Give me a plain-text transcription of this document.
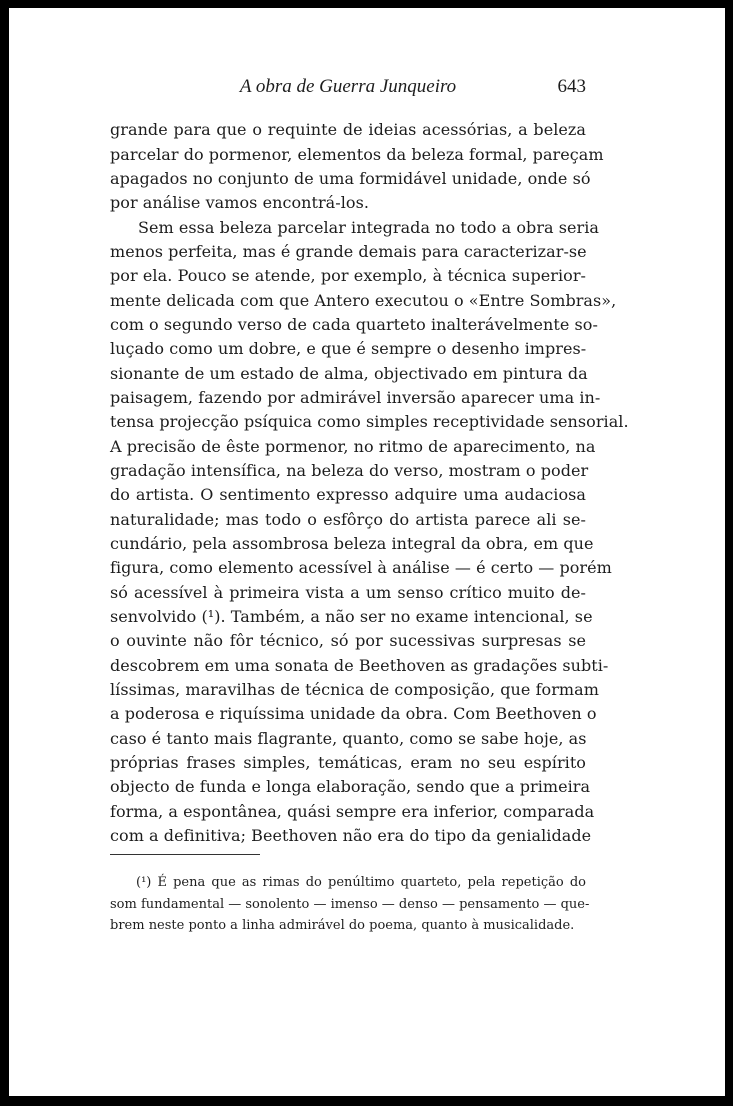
A obra de Guerra Junqueiro	643
grande para que o requinte de ideias acessórias, a beleza
parcelar do pormenor, elementos da beleza formal, pareçam
apagados no conjunto de uma formidável unidade, onde só
por análise vamos encontrá-los.
Sem essa beleza parcelar integrada no todo a obra seria
menos perfeita, mas é grande demais para caracterizar-se
por ela. Pouco se atende, por exemplo, à técnica superior-
mente delicada com que Antero executou o «Entre Sombras»,
com o segundo verso de cada quarteto inalterávelmente so-
luçado como um dobre, e que é sempre o desenho impres-
sionante de um estado de alma, objectivado em pintura da
paisagem, fazendo por admirável inversão aparecer uma in-
tensa projecção psíquica como simples receptividade sensorial.
A precisão de êste pormenor, no ritmo de aparecimento, na
gradação intensífica, na beleza do verso, mostram o poder
do artista. O sentimento expresso adquire uma audaciosa
naturalidade; mas todo o esfôrço do artista parece ali se-
cundário, pela assombrosa beleza integral da obra, em que
figura, como elemento acessível à análise — é certo — porém
só acessível à primeira vista a um senso crítico muito de-
senvolvido (¹). Também, a não ser no exame intencional, se
o ouvinte não fôr técnico, só por sucessivas surpresas se
descobrem em uma sonata de Beethoven as gradações subti-
líssimas, maravilhas de técnica de composição, que formam
a poderosa e riquíssima unidade da obra. Com Beethoven o
caso é tanto mais flagrante, quanto, como se sabe hoje, as
próprias frases simples, temáticas, eram no seu espírito
objecto de funda e longa elaboração, sendo que a primeira
forma, a espontânea, quási sempre era inferior, comparada
com a definitiva; Beethoven não era do tipo da genialidade
(¹) É pena que as rimas do penúltimo quarteto, pela repetição do
som fundamental — sonolento — imenso — denso — pensamento — que-
brem neste ponto a linha admirável do poema, quanto à musicalidade.
